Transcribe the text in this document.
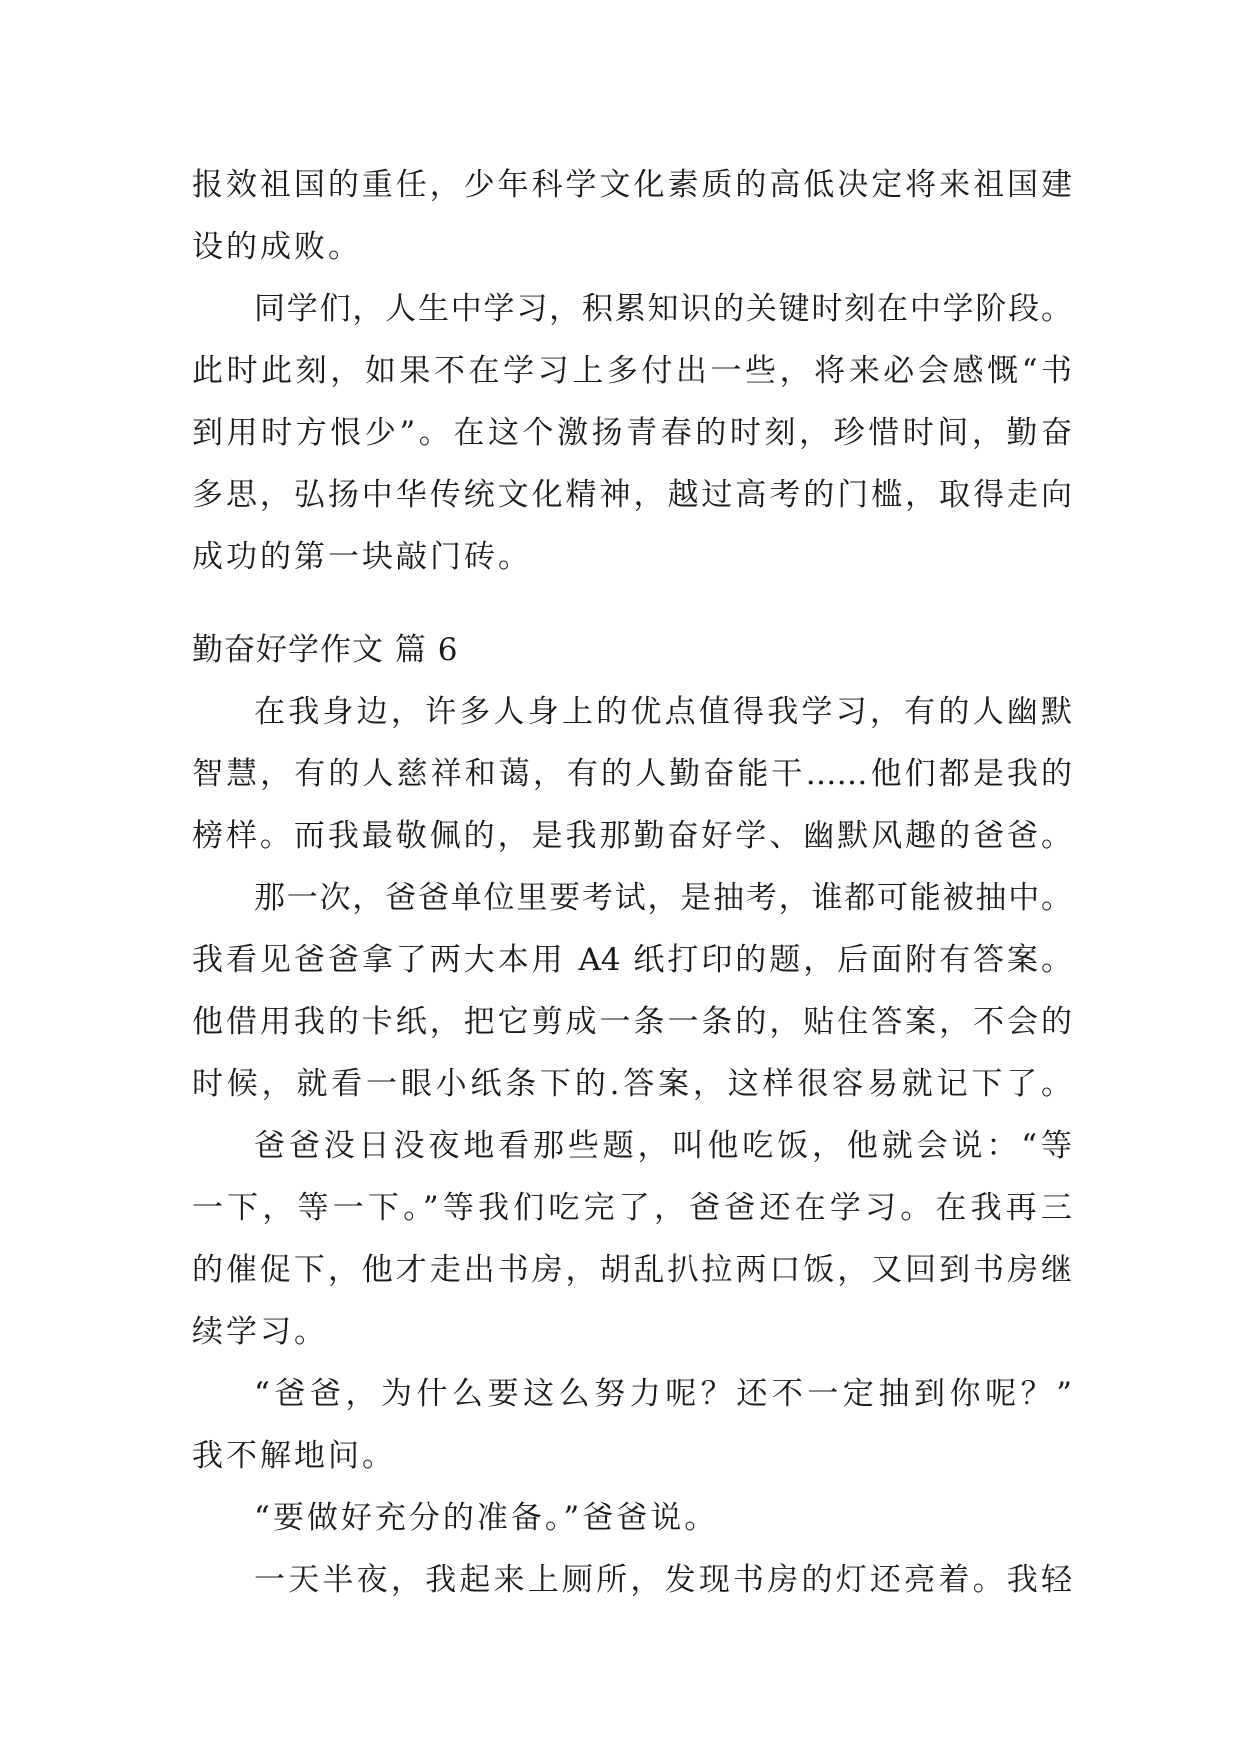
报效祖国的重任，少年科学文化素质的高低决定将来祖国建
设的成败。
同学们，人生中学习，积累知识的关键时刻在中学阶段。
此时此刻，如果不在学习上多付出一些，将来必会感慨“书
到用时方恨少”。在这个激扬青春的时刻，珍惜时间，勤奋
多思，弘扬中华传统文化精神，越过高考的门槛，取得走向
成功的第一块敲门砖。
勤奋好学作文 篇 6
在我身边，许多人身上的优点值得我学习，有的人幽默
智慧，有的人慈祥和蔼，有的人勤奋能干……他们都是我的
榜样。而我最敬佩的，是我那勤奋好学、幽默风趣的爸爸。
那一次，爸爸单位里要考试，是抽考，谁都可能被抽中。
我看见爸爸拿了两大本用 A4 纸打印的题，后面附有答案。
他借用我的卡纸，把它剪成一条一条的，贴住答案，不会的
时候，就看一眼小纸条下的.答案，这样很容易就记下了。
爸爸没日没夜地看那些题，叫他吃饭，他就会说：“等
一下，等一下。”等我们吃完了，爸爸还在学习。在我再三
的催促下，他才走出书房，胡乱扒拉两口饭，又回到书房继
续学习。
“爸爸，为什么要这么努力呢？还不一定抽到你呢？”
我不解地问。
“要做好充分的准备。”爸爸说。
一天半夜，我起来上厕所，发现书房的灯还亮着。我轻
